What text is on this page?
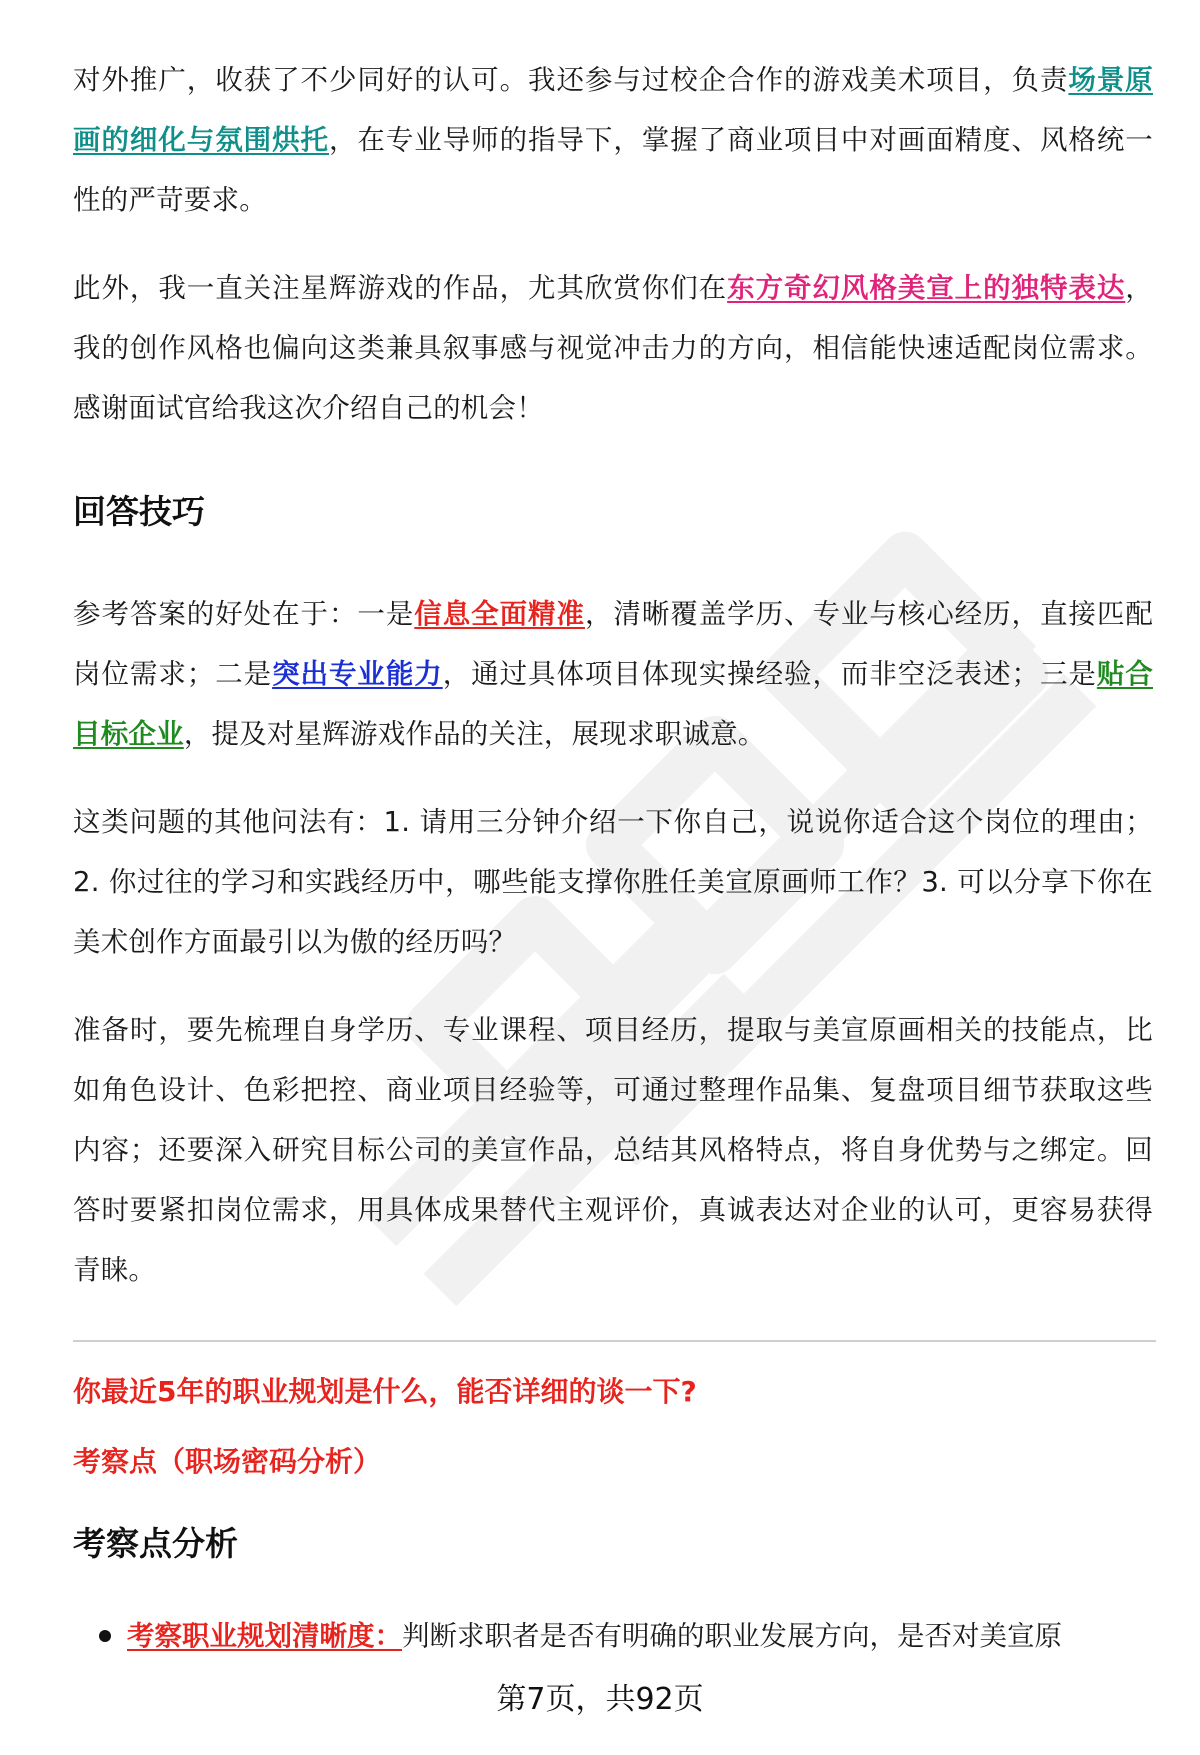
对外推广，收获了不少同好的认可。我还参与过校企合作的游戏美术项目，负责场景原画的细化与氛围烘托，在专业导师的指导下，掌握了商业项目中对画面精度、风格统一性的严苛要求。

此外，我一直关注星辉游戏的作品，尤其欣赏你们在东方奇幻风格美宣上的独特表达，我的创作风格也偏向这类兼具叙事感与视觉冲击力的方向，相信能快速适配岗位需求。感谢面试官给我这次介绍自己的机会！

回答技巧

参考答案的好处在于：一是信息全面精准，清晰覆盖学历、专业与核心经历，直接匹配岗位需求；二是突出专业能力，通过具体项目体现实操经验，而非空泛表述；三是贴合目标企业，提及对星辉游戏作品的关注，展现求职诚意。

这类问题的其他问法有：1. 请用三分钟介绍一下你自己，说说你适合这个岗位的理由；2. 你过往的学习和实践经历中，哪些能支撑你胜任美宣原画师工作？3. 可以分享下你在美术创作方面最引以为傲的经历吗？

准备时，要先梳理自身学历、专业课程、项目经历，提取与美宣原画相关的技能点，比如角色设计、色彩把控、商业项目经验等，可通过整理作品集、复盘项目细节获取这些内容；还要深入研究目标公司的美宣作品，总结其风格特点，将自身优势与之绑定。回答时要紧扣岗位需求，用具体成果替代主观评价，真诚表达对企业的认可，更容易获得青睐。

你最近5年的职业规划是什么，能否详细的谈一下?

考察点（职场密码分析）

考察点分析
考察职业规划清晰度：判断求职者是否有明确的职业发展方向，是否对美宣原
第7页，共92页
